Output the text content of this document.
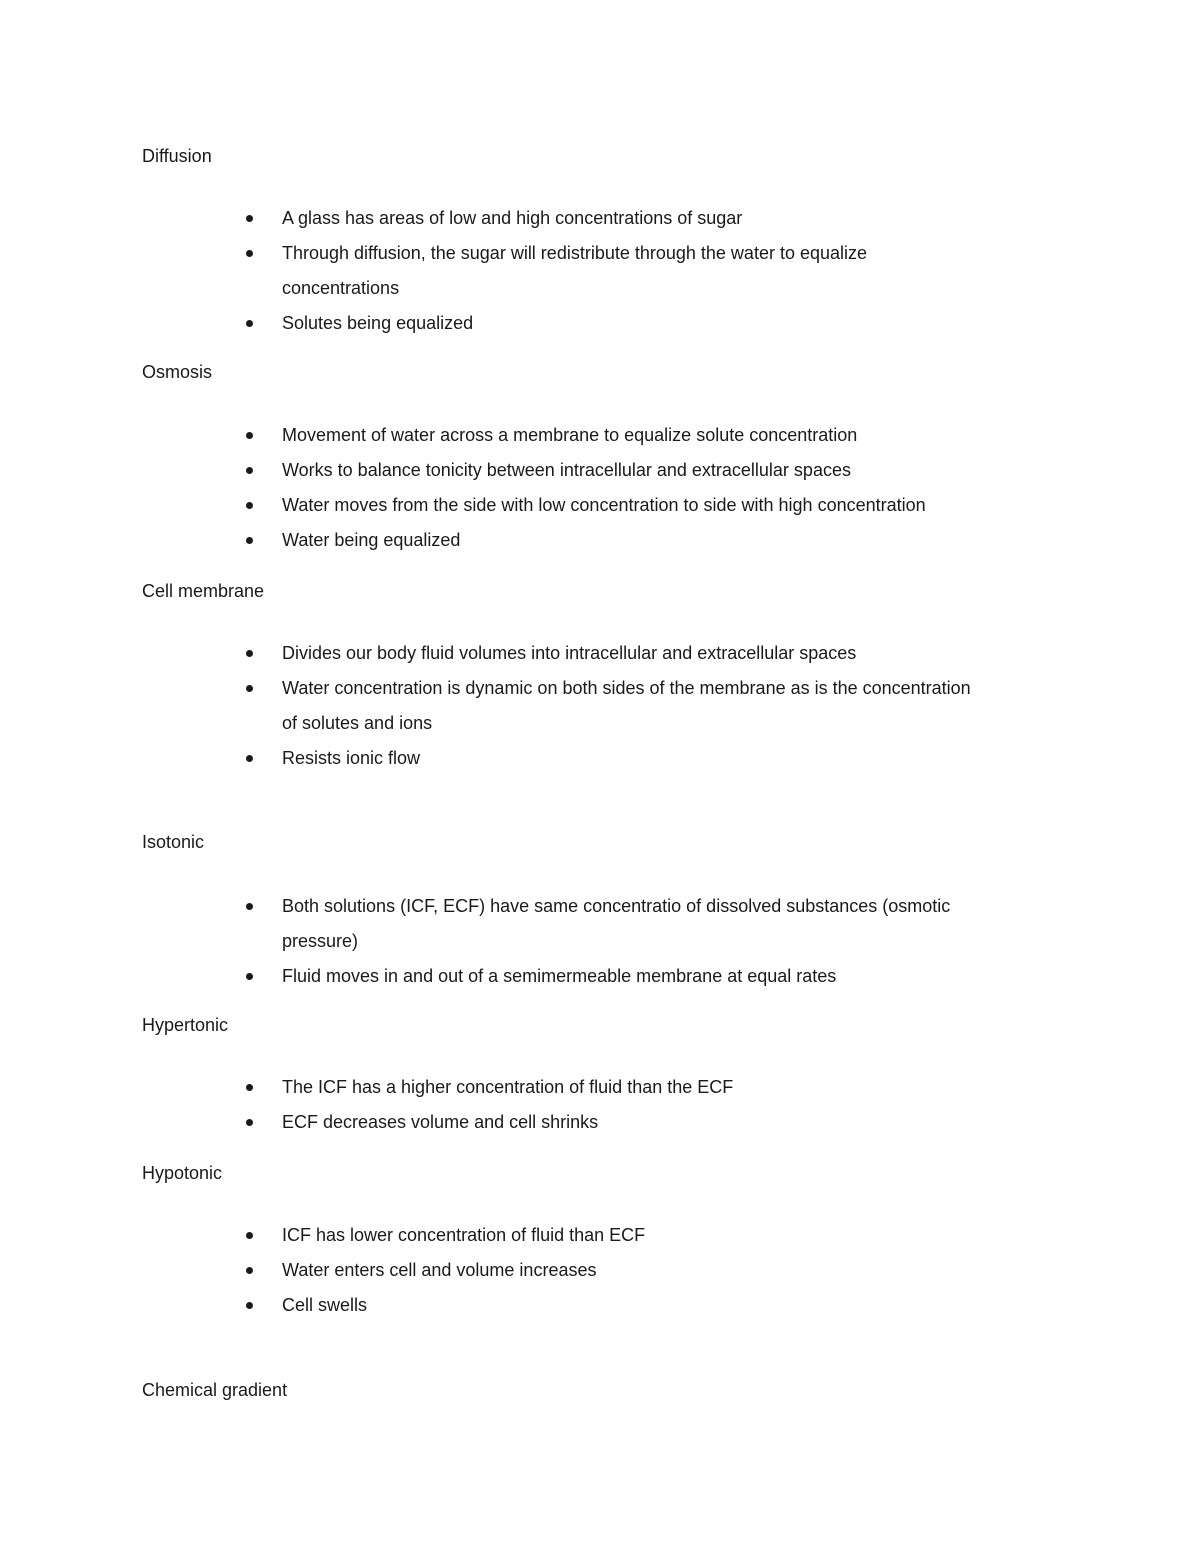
Diffusion
A glass has areas of low and high concentrations of sugar
Through diffusion, the sugar will redistribute through the water to equalize
concentrations
Solutes being equalized
Osmosis
Movement of water across a membrane to equalize solute concentration
Works to balance tonicity between intracellular and extracellular spaces
Water moves from the side with low concentration to side with high concentration
Water being equalized
Cell membrane
Divides our body fluid volumes into intracellular and extracellular spaces
Water concentration is dynamic on both sides of the membrane as is the concentration
of solutes and ions
Resists ionic flow
Isotonic
Both solutions (ICF, ECF) have same concentratio of dissolved substances (osmotic
pressure)
Fluid moves in and out of a semimermeable membrane at equal rates
Hypertonic
The ICF has a higher concentration of fluid than the ECF
ECF decreases volume and cell shrinks
Hypotonic
ICF has lower concentration of fluid than ECF
Water enters cell and volume increases
Cell swells
Chemical gradient
